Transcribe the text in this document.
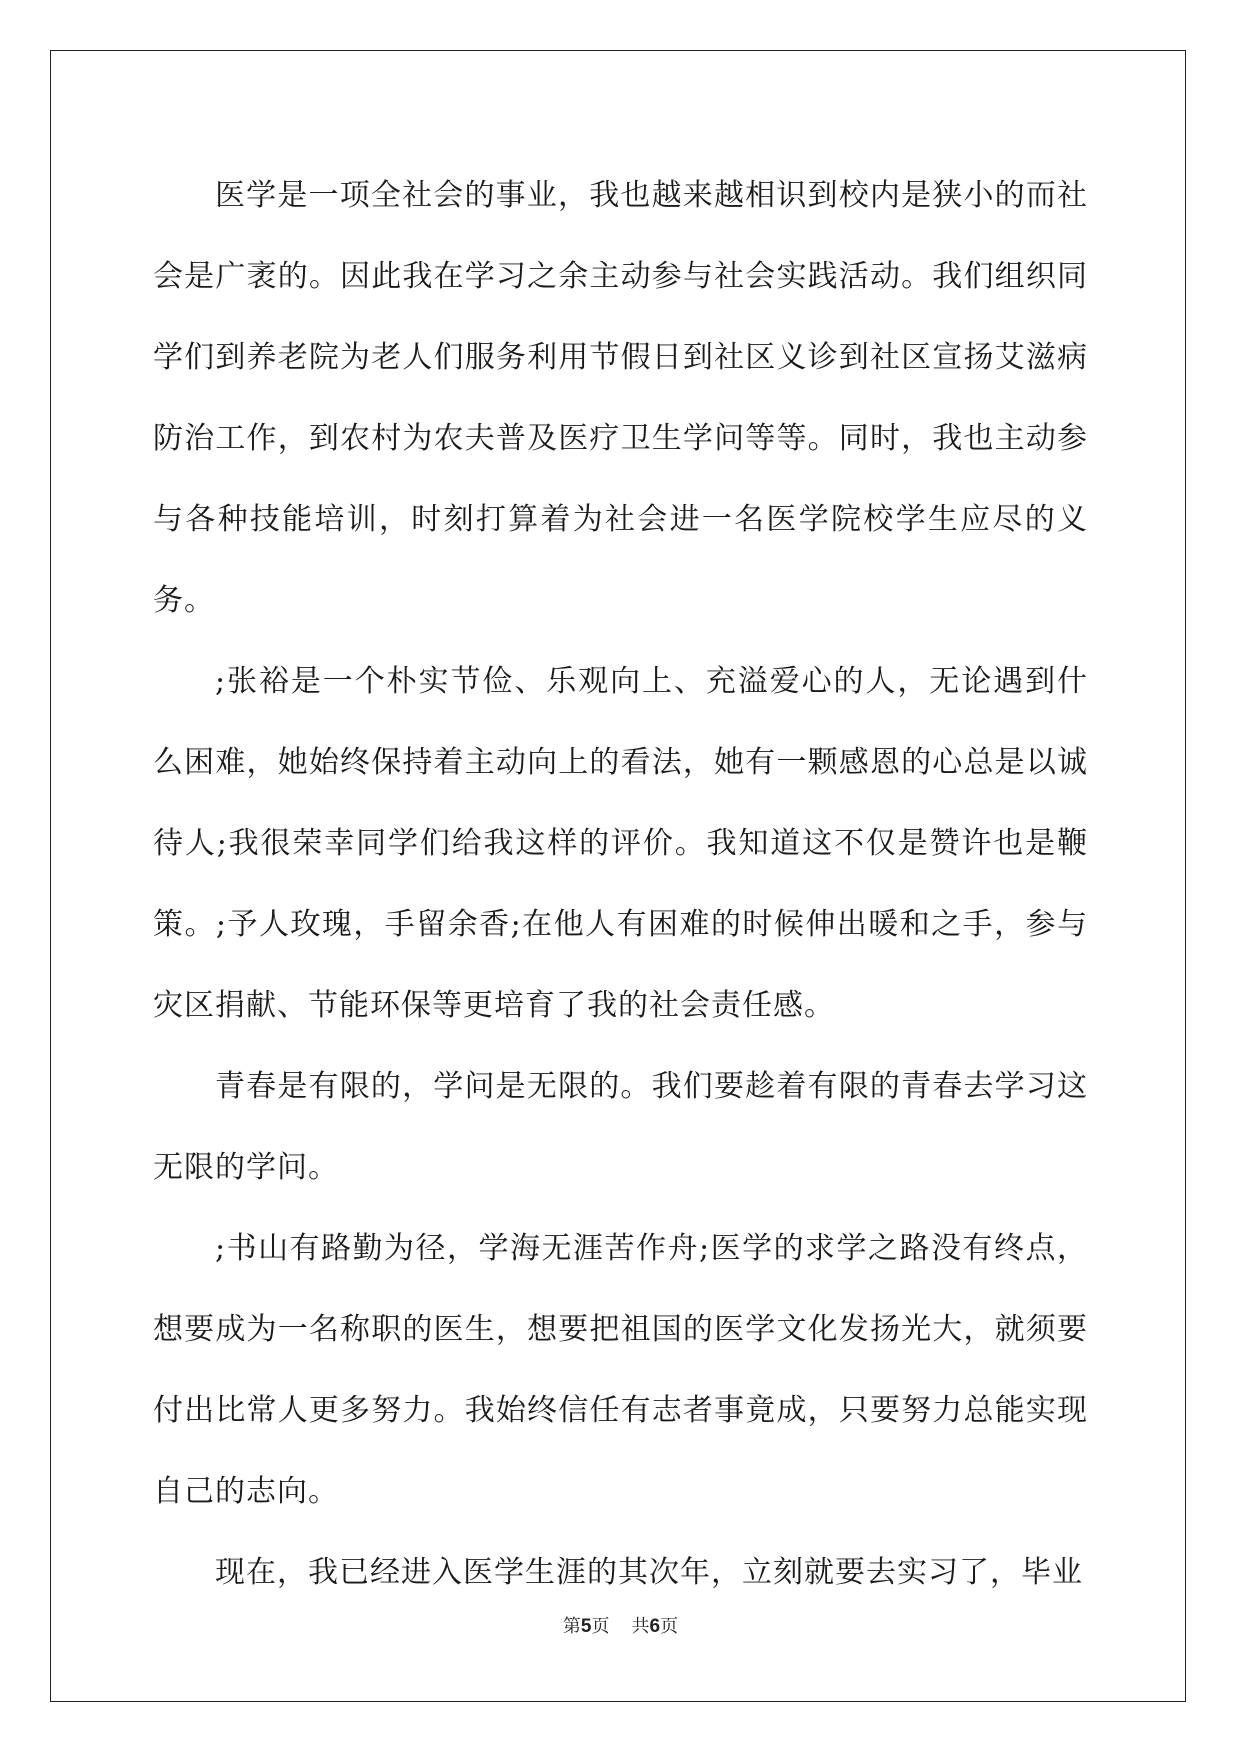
医学是一项全社会的事业，我也越来越相识到校内是狭小的而社会是广袤的。因此我在学习之余主动参与社会实践活动。我们组织同学们到养老院为老人们服务利用节假日到社区义诊到社区宣扬艾滋病防治工作，到农村为农夫普及医疗卫生学问等等。同时，我也主动参与各种技能培训，时刻打算着为社会进一名医学院校学生应尽的义务。

;张裕是一个朴实节俭、乐观向上、充溢爱心的人，无论遇到什么困难，她始终保持着主动向上的看法，她有一颗感恩的心总是以诚待人;我很荣幸同学们给我这样的评价。我知道这不仅是赞许也是鞭策。;予人玫瑰，手留余香;在他人有困难的时候伸出暖和之手，参与灾区捐献、节能环保等更培育了我的社会责任感。

青春是有限的，学问是无限的。我们要趁着有限的青春去学习这无限的学问。

;书山有路勤为径，学海无涯苦作舟;医学的求学之路没有终点，想要成为一名称职的医生，想要把祖国的医学文化发扬光大，就须要付出比常人更多努力。我始终信任有志者事竟成，只要努力总能实现自己的志向。

现在，我已经进入医学生涯的其次年，立刻就要去实习了，毕业

第5页 共6页
